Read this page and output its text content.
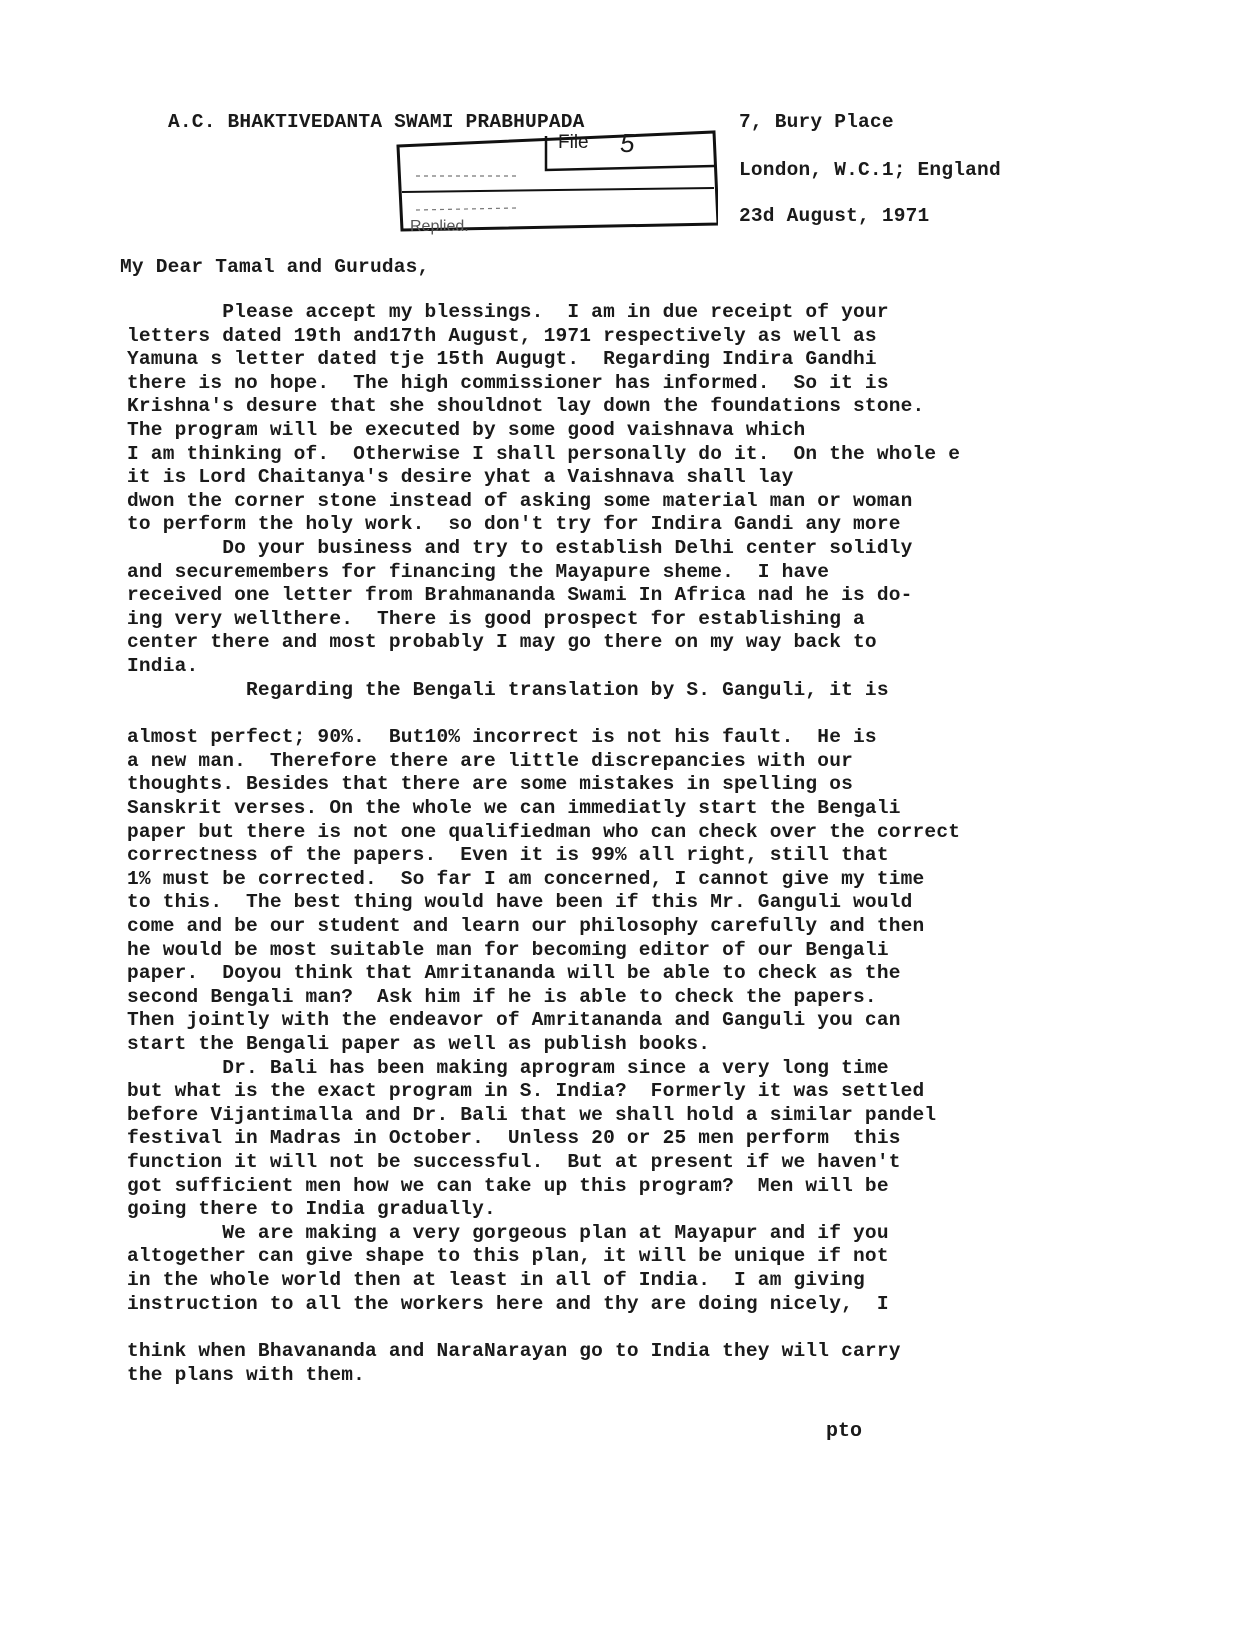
A.C. BHAKTIVEDANTA SWAMI PRABHUPADA	7, Bury Place
London, W.C.1; England
23d August, 1971
File 5
Replied.
My Dear Tamal and Gurudas,
Please accept my blessings.  I am in due receipt of your
letters dated 19th and17th August, 1971 respectively as well as
Yamuna s letter dated tje 15th Augugt.  Regarding Indira Gandhi
there is no hope.  The high commissioner has informed.  So it is
Krishna's desure that she shouldnot lay down the foundations stone.
The program will be executed by some good vaishnava which
I am thinking of.  Otherwise I shall personally do it.  On the whole e
it is Lord Chaitanya's desire yhat a Vaishnava shall lay
dwon the corner stone instead of asking some material man or woman
to perform the holy work.  so don't try for Indira Gandi any more
Do your business and try to establish Delhi center solidly
and securemembers for financing the Mayapure sheme.  I have
received one letter from Brahmananda Swami In Africa nad he is do-
ing very wellthere.  There is good prospect for establishing a
center there and most probably I may go there on my way back to
India.
Regarding the Bengali translation by S. Ganguli, it is
almost perfect; 90%.  But10% incorrect is not his fault.  He is
a new man.  Therefore there are little discrepancies with our
thoughts. Besides that there are some mistakes in spelling os
Sanskrit verses. On the whole we can immediatly start the Bengali
paper but there is not one qualifiedman who can check over the correct
correctness of the papers.  Even it is 99% all right, still that
1% must be corrected.  So far I am concerned, I cannot give my time
to this.  The best thing would have been if this Mr. Ganguli would
come and be our student and learn our philosophy carefully and then
he would be most suitable man for becoming editor of our Bengali
paper.  Doyou think that Amritananda will be able to check as the
second Bengali man?  Ask him if he is able to check the papers.
Then jointly with the endeavor of Amritananda and Ganguli you can
start the Bengali paper as well as publish books.
Dr. Bali has been making aprogram since a very long time
but what is the exact program in S. India?  Formerly it was settled
before Vijantimalla and Dr. Bali that we shall hold a similar pandel
festival in Madras in October.  Unless 20 or 25 men perform  this
function it will not be successful.  But at present if we haven't
got sufficient men how we can take up this program?  Men will be
going there to India gradually.
We are making a very gorgeous plan at Mayapur and if you
altogether can give shape to this plan, it will be unique if not
in the whole world then at least in all of India.  I am giving
instruction to all the workers here and thy are doing nicely,  I
think when Bhavananda and NaraNarayan go to India they will carry
the plans with them.
pto
